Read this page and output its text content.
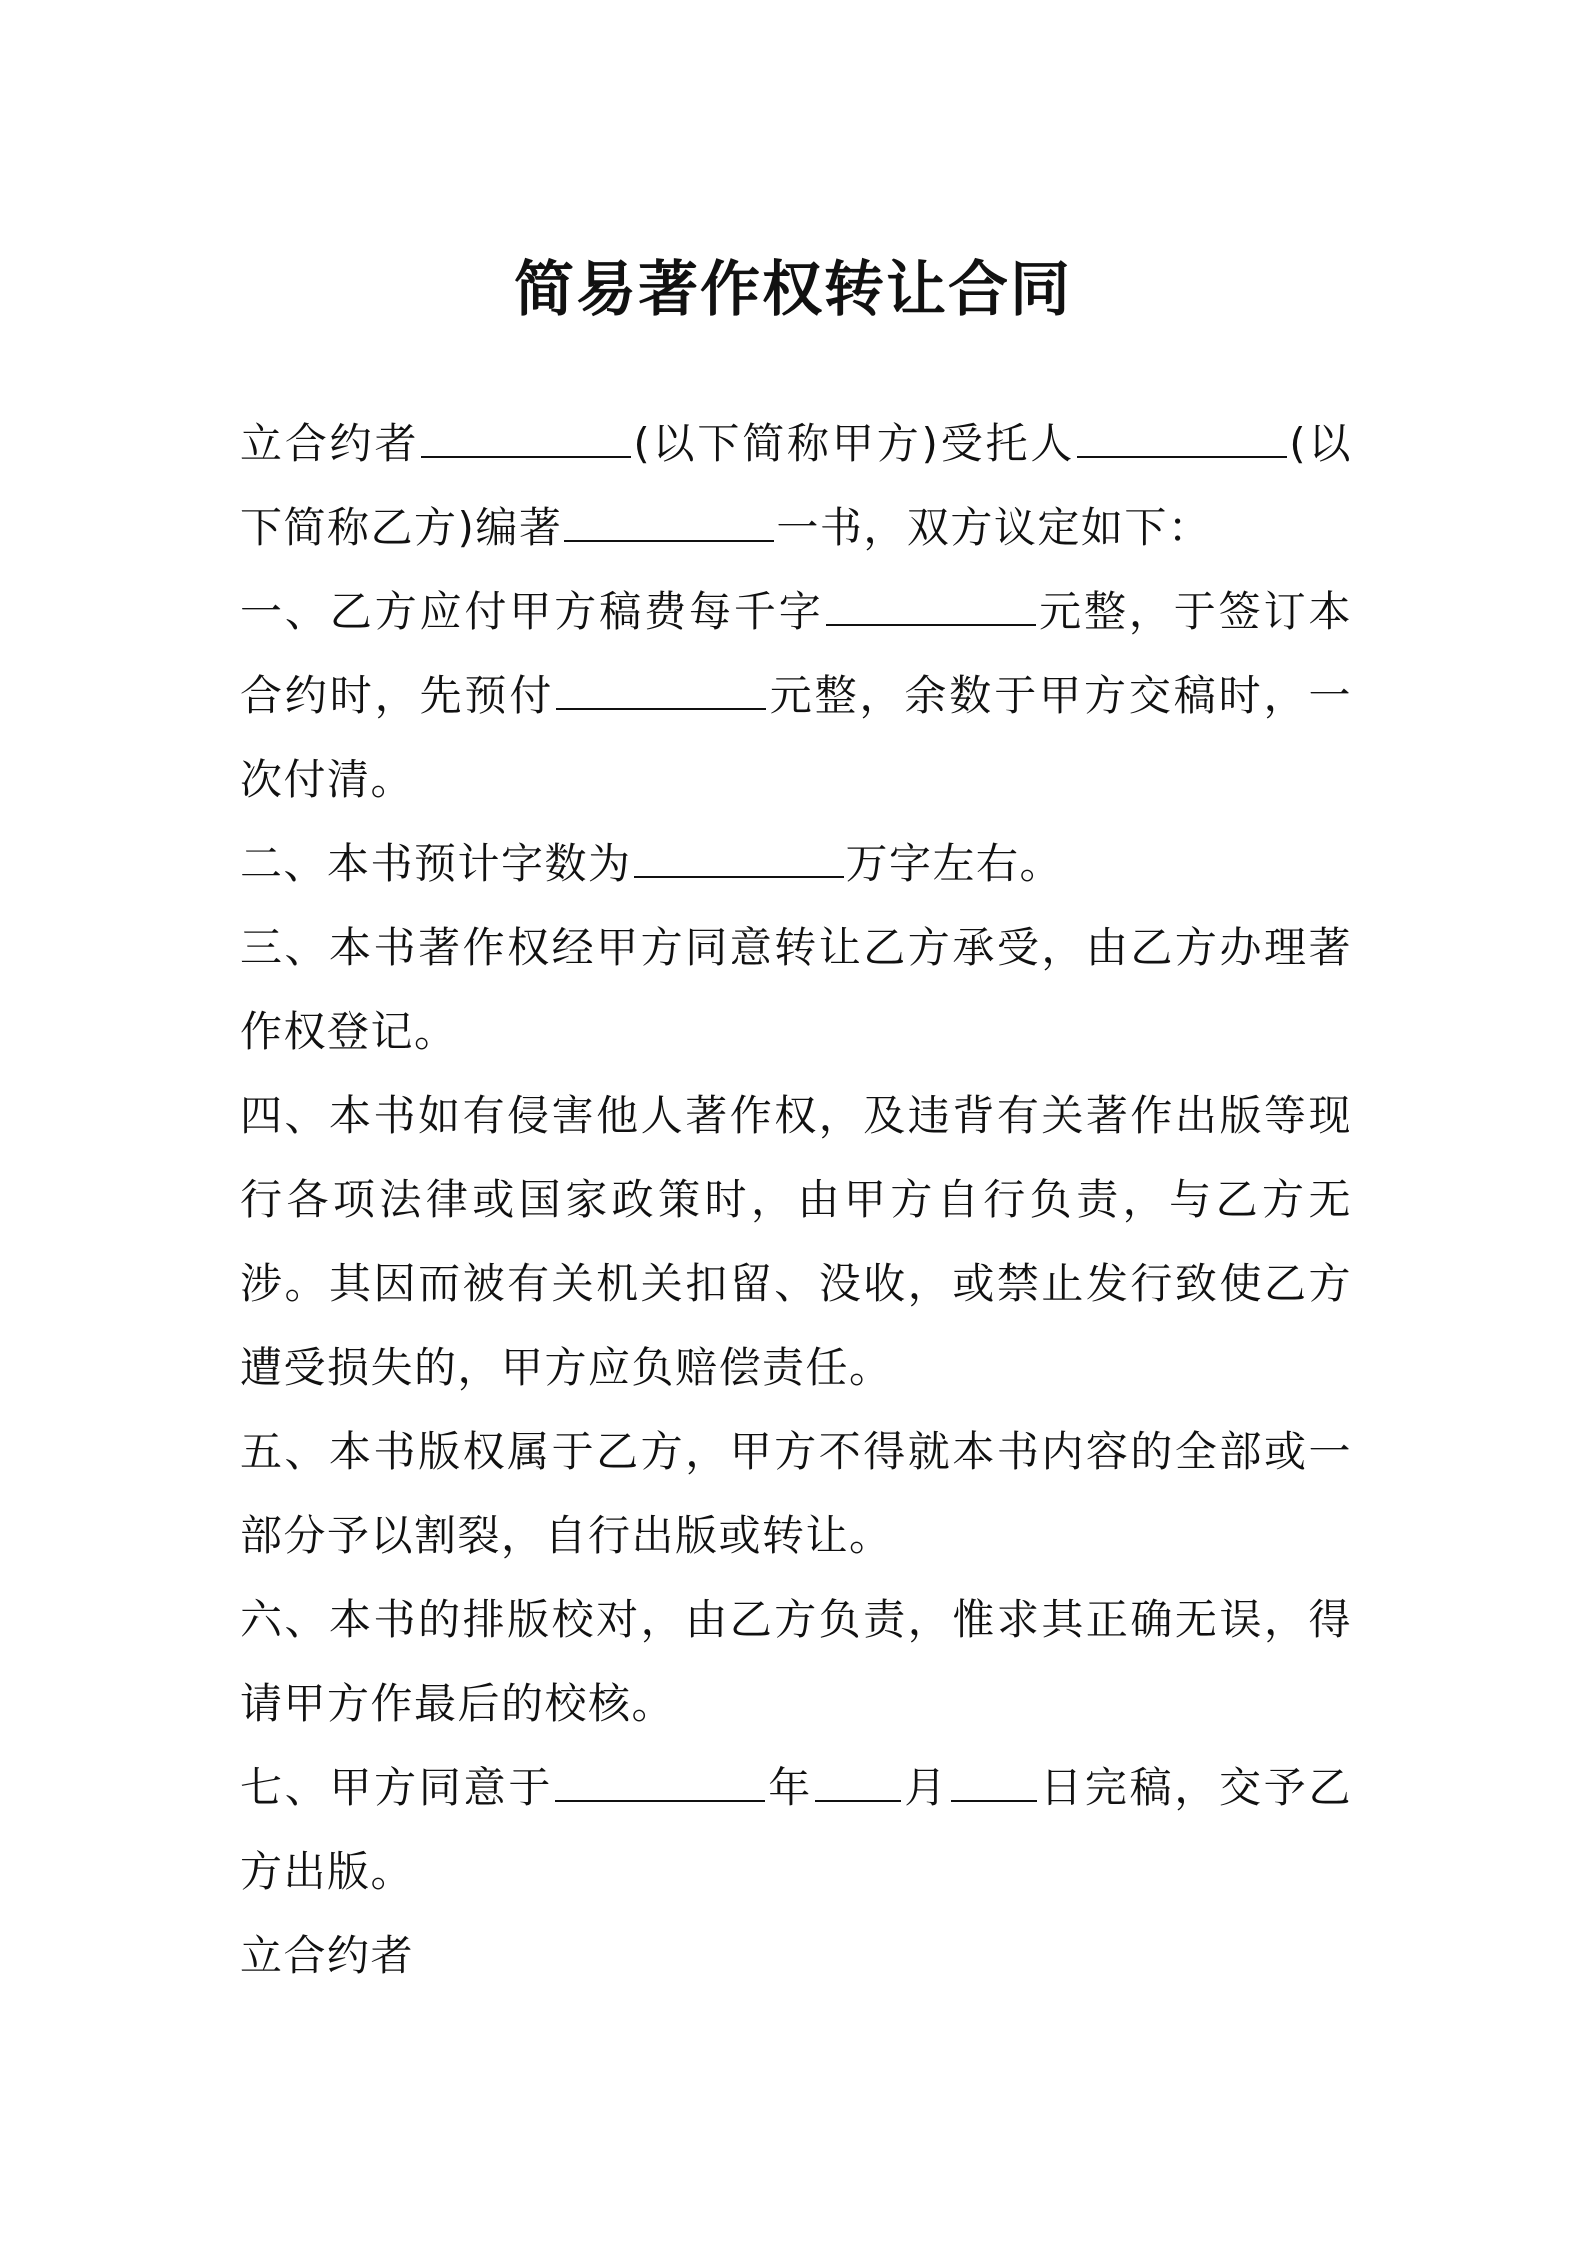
简易著作权转让合同

立合约者	(以下简称甲方)受托人	(以下简称乙方)编著	一书，双方议定如下：

一、乙方应付甲方稿费每千字	元整，于签订本合约时，先预付	元整，余数于甲方交稿时，一次付清。

二、本书预计字数为	万字左右。

三、本书著作权经甲方同意转让乙方承受，由乙方办理著作权登记。

四、本书如有侵害他人著作权，及违背有关著作出版等现行各项法律或国家政策时，由甲方自行负责，与乙方无涉。其因而被有关机关扣留、没收，或禁止发行致使乙方遭受损失的，甲方应负赔偿责任。

五、本书版权属于乙方，甲方不得就本书内容的全部或一部分予以割裂，自行出版或转让。

六、本书的排版校对，由乙方负责，惟求其正确无误，得请甲方作最后的校核。

七、甲方同意于	年 月 日完稿，交予乙方出版。

立合约者
